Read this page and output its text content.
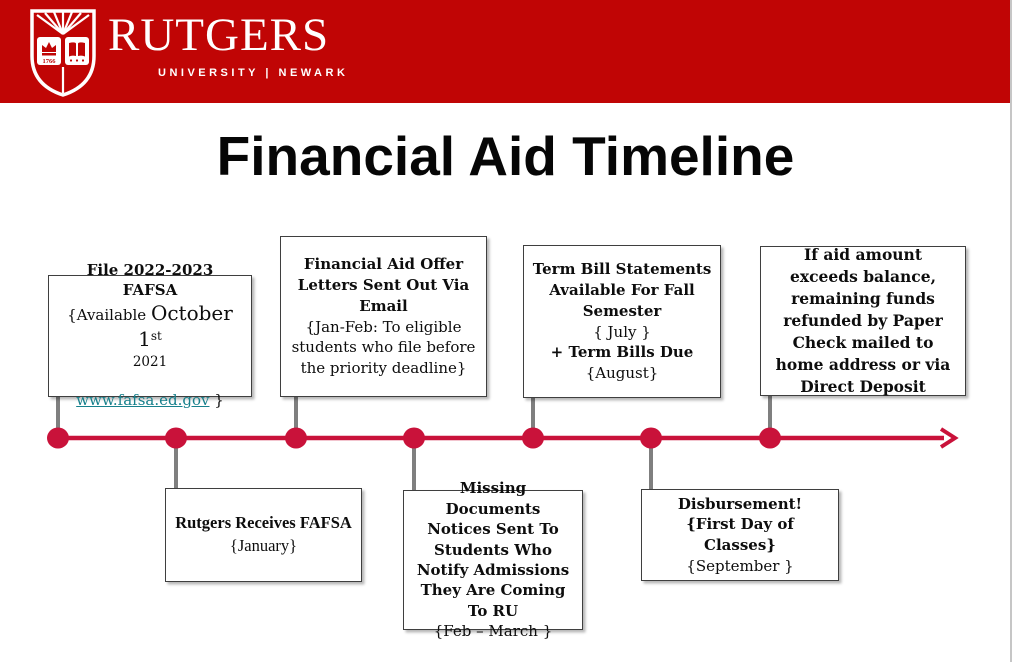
1766
RUTGERS
UNIVERSITY | NEWARK
Financial Aid Timeline
File 2022-2023 FAFSA
{Available October 1st
2021

www.fafsa.ed.gov }
Financial Aid Offer Letters Sent Out Via Email
{Jan-Feb: To eligible students who file before the priority deadline}
Term Bill Statements Available For Fall Semester
{ July }
+ Term Bills Due
{August}
If aid amount exceeds balance, remaining funds refunded by Paper Check mailed to home address or via Direct Deposit
Rutgers Receives FAFSA
{January}
Missing Documents Notices Sent To Students Who Notify Admissions They Are Coming To RU
{Feb – March }
Disbursement!
{First Day of Classes}
{September }
